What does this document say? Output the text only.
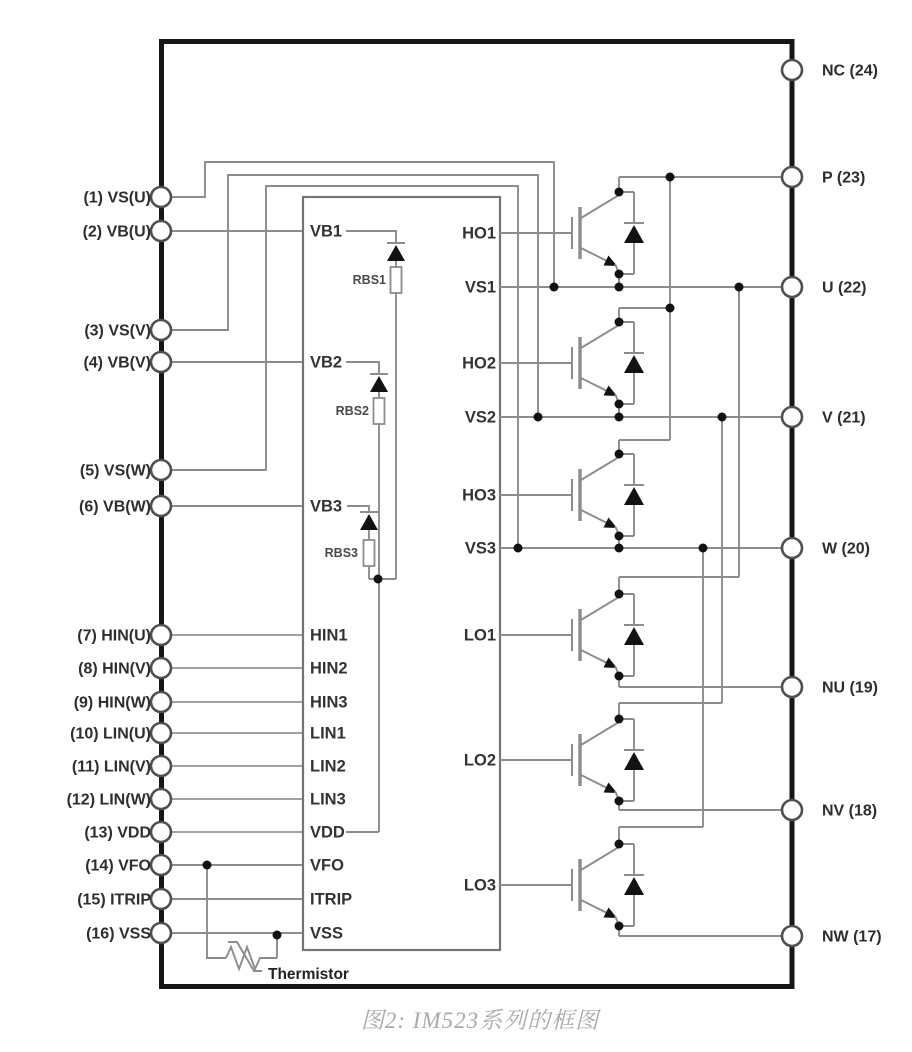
(1) VS(U)
(2) VB(U)
(3) VS(V)
(4) VB(V)
(5) VS(W)
(6) VB(W)
(7) HIN(U)
(8) HIN(V)
(9) HIN(W)
(10) LIN(U)
(11) LIN(V)
(12) LIN(W)
(13) VDD
(14) VFO
(15) ITRIP
(16) VSS
NC (24)
P (23)
U (22)
V (21)
W (20)
NU (19)
NV (18)
NW (17)
VB1
VB2
VB3
HIN1
HIN2
HIN3
LIN1
LIN2
LIN3
VDD
VFO
ITRIP
VSS
HO1
VS1
HO2
VS2
HO3
VS3
LO1
LO2
LO3
RBS1
RBS2
RBS3
Thermistor
图2: IM523系列的框图
